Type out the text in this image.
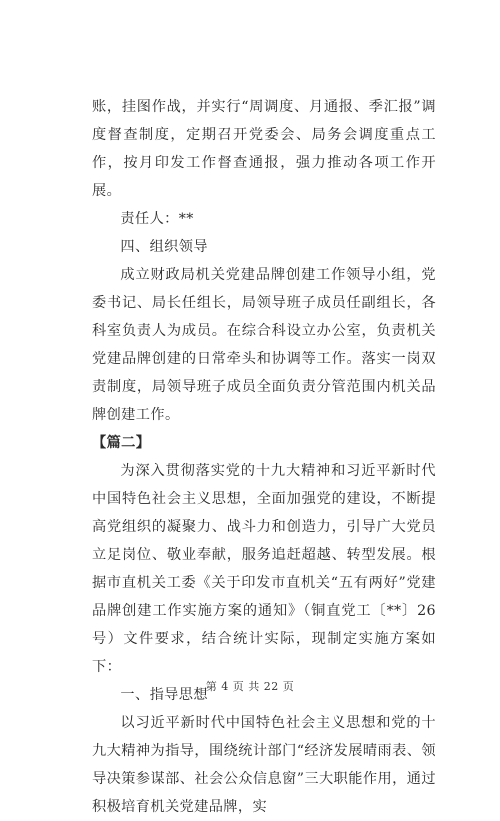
账，挂图作战，并实行“周调度、月通报、季汇报”调度督查制度，定期召开党委会、局务会调度重点工作，按月印发工作督查通报，强力推动各项工作开展。

责任人：**

四、组织领导

成立财政局机关党建品牌创建工作领导小组，党委书记、局长任组长，局领导班子成员任副组长，各科室负责人为成员。在综合科设立办公室，负责机关党建品牌创建的日常牵头和协调等工作。落实一岗双责制度，局领导班子成员全面负责分管范围内机关品牌创建工作。

【篇二】

为深入贯彻落实党的十九大精神和习近平新时代中国特色社会主义思想，全面加强党的建设，不断提高党组织的凝聚力、战斗力和创造力，引导广大党员立足岗位、敬业奉献，服务追赶超越、转型发展。根据市直机关工委《关于印发市直机关“五有两好”党建品牌创建工作实施方案的通知》（铜直党工〔**〕26号）文件要求，结合统计实际，现制定实施方案如下：

一、指导思想

以习近平新时代中国特色社会主义思想和党的十九大精神为指导，围绕统计部门“经济发展晴雨表、领导决策参谋部、社会公众信息窗”三大职能作用，通过积极培育机关党建品牌，实

第 4 页 共 22 页
